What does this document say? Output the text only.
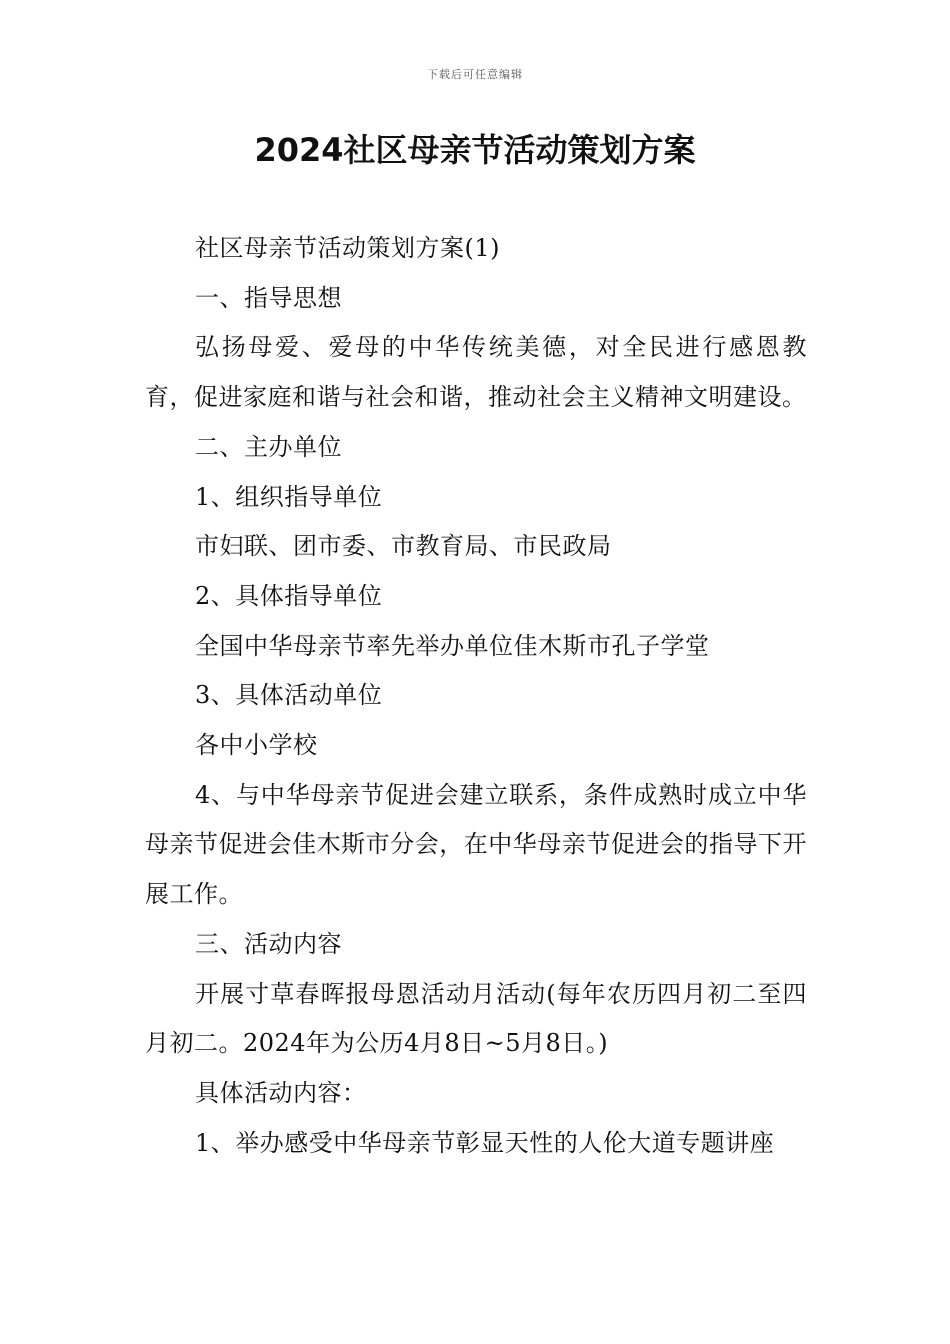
下载后可任意编辑
2024社区母亲节活动策划方案

社区母亲节活动策划方案(1)

一、指导思想

弘扬母爱、爱母的中华传统美德，对全民进行感恩教育，促进家庭和谐与社会和谐，推动社会主义精神文明建设。

二、主办单位

1、组织指导单位

市妇联、团市委、市教育局、市民政局

2、具体指导单位

全国中华母亲节率先举办单位佳木斯市孔子学堂

3、具体活动单位

各中小学校

4、与中华母亲节促进会建立联系，条件成熟时成立中华母亲节促进会佳木斯市分会，在中华母亲节促进会的指导下开展工作。

三、活动内容

开展寸草春晖报母恩活动月活动(每年农历四月初二至四月初二。2024年为公历4月8日~5月8日。)

具体活动内容：

1、举办感受中华母亲节彰显天性的人伦大道专题讲座
